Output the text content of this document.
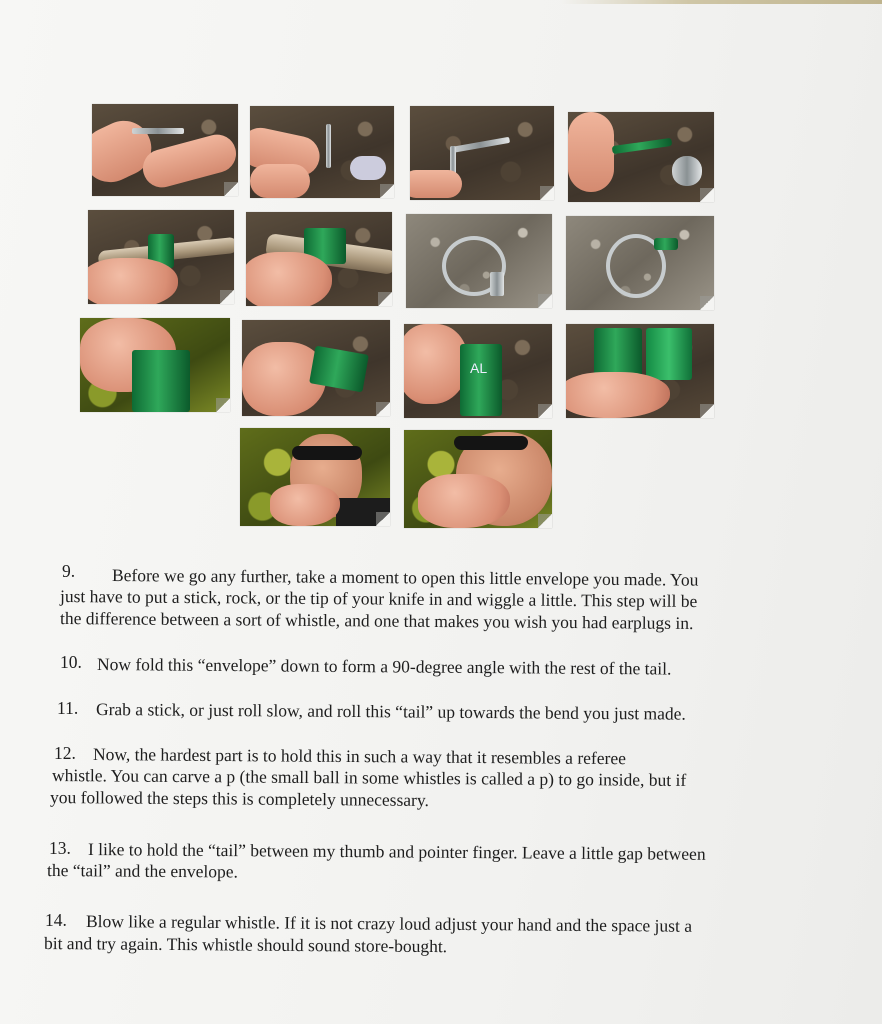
AL
9. Before we go any further, take a moment to open this little envelope you made. You
just have to put a stick, rock, or the tip of your knife in and wiggle a little. This step will be
the difference between a sort of whistle, and one that makes you wish you had earplugs in.
10. Now fold this “envelope” down to form a 90-degree angle with the rest of the tail.
11. Grab a stick, or just roll slow, and roll this “tail” up towards the bend you just made.
12. Now, the hardest part is to hold this in such a way that it resembles a referee
whistle. You can carve a p (the small ball in some whistles is called a p) to go inside, but if
you followed the steps this is completely unnecessary.
13. I like to hold the “tail” between my thumb and pointer finger. Leave a little gap between
the “tail” and the envelope.
14. Blow like a regular whistle. If it is not crazy loud adjust your hand and the space just a
bit and try again. This whistle should sound store-bought.
